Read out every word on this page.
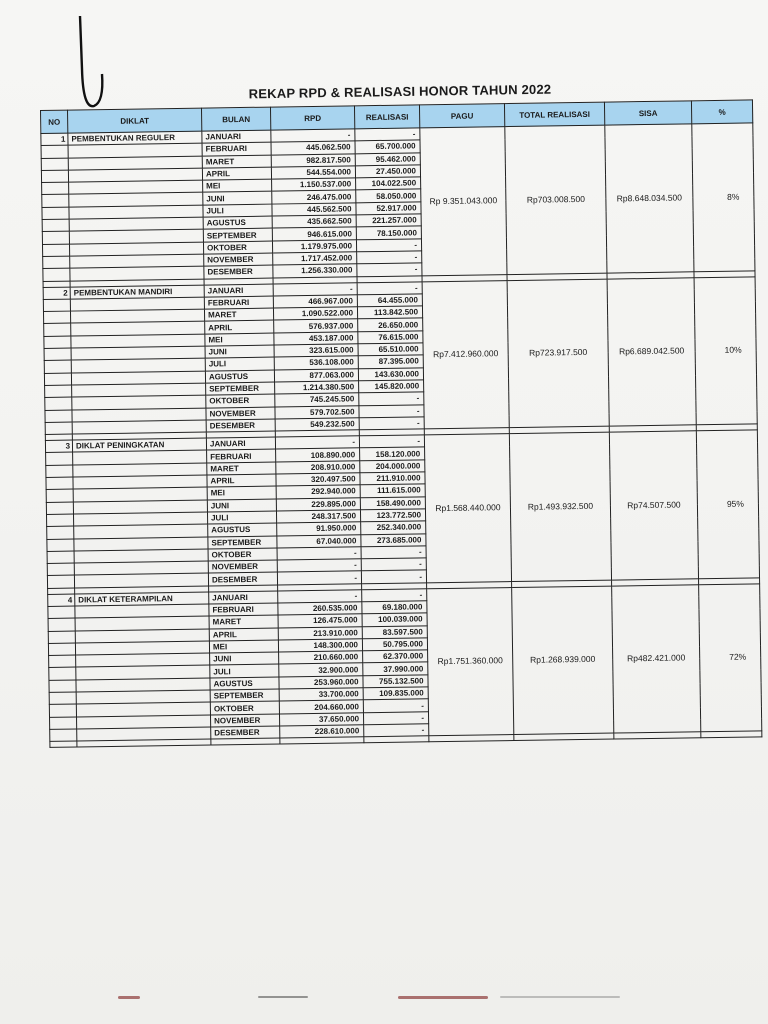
REKAP RPD & REALISASI HONOR TAHUN 2022
NO	DIKLAT	BULAN	RPD	REALISASI	PAGU	TOTAL REALISASI	SISA	%
1	PEMBENTUKAN REGULER	JANUARI	-	-	Rp 9.351.043.000	Rp703.008.500	Rp8.648.034.500	8%
		FEBRUARI	445.062.500	65.700.000				
		MARET	982.817.500	95.462.000				
		APRIL	544.554.000	27.450.000				
		MEI	1.150.537.000	104.022.500				
		JUNI	246.475.000	58.050.000				
		JULI	445.562.500	52.917.000				
		AGUSTUS	435.662.500	221.257.000				
		SEPTEMBER	946.615.000	78.150.000				
		OKTOBER	1.179.975.000	-				
		NOVEMBER	1.717.452.000	-				
		DESEMBER	1.256.330.000	-				

2	PEMBENTUKAN MANDIRI	JANUARI	-	-	Rp7.412.960.000	Rp723.917.500	Rp6.689.042.500	10%
		FEBRUARI	466.967.000	64.455.000				
		MARET	1.090.522.000	113.842.500				
		APRIL	576.937.000	26.650.000				
		MEI	453.187.000	76.615.000				
		JUNI	323.615.000	65.510.000				
		JULI	536.108.000	87.395.000				
		AGUSTUS	877.063.000	143.630.000				
		SEPTEMBER	1.214.380.500	145.820.000				
		OKTOBER	745.245.500	-				
		NOVEMBER	579.702.500	-				
		DESEMBER	549.232.500	-				

3	DIKLAT PENINGKATAN	JANUARI	-	-	Rp1.568.440.000	Rp1.493.932.500	Rp74.507.500	95%
		FEBRUARI	108.890.000	158.120.000				
		MARET	208.910.000	204.000.000				
		APRIL	320.497.500	211.910.000				
		MEI	292.940.000	111.615.000				
		JUNI	229.895.000	158.490.000				
		JULI	248.317.500	123.772.500				
		AGUSTUS	91.950.000	252.340.000				
		SEPTEMBER	67.040.000	273.685.000				
		OKTOBER	-	-				
		NOVEMBER	-	-				
		DESEMBER	-	-				

4	DIKLAT KETERAMPILAN	JANUARI	-	-	Rp1.751.360.000	Rp1.268.939.000	Rp482.421.000	72%
		FEBRUARI	260.535.000	69.180.000				
		MARET	126.475.000	100.039.000				
		APRIL	213.910.000	83.597.500				
		MEI	148.300.000	50.795.000				
		JUNI	210.660.000	62.370.000				
		JULI	32.900.000	37.990.000				
		AGUSTUS	253.960.000	755.132.500				
		SEPTEMBER	33.700.000	109.835.000				
		OKTOBER	204.660.000	-				
		NOVEMBER	37.650.000	-				
		DESEMBER	228.610.000	-				
